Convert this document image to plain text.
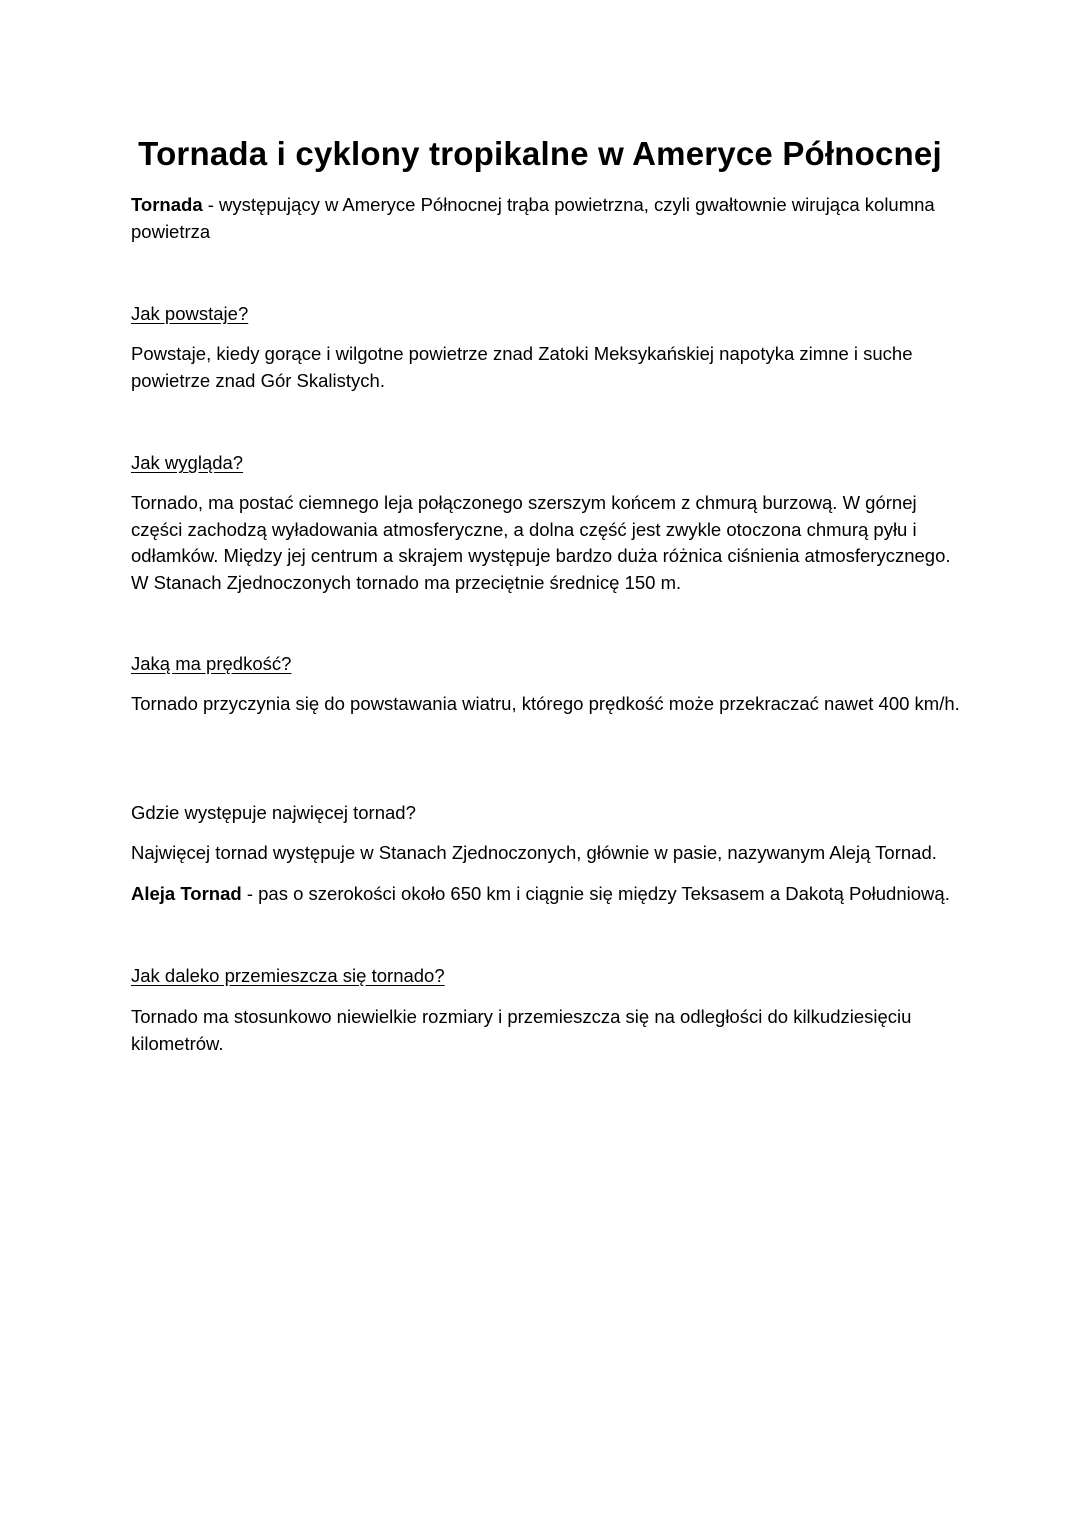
Tornada i cyklony tropikalne w Ameryce Północnej

Tornada - występujący w Ameryce Północnej trąba powietrzna, czyli gwałtownie wirująca kolumna powietrza

Jak powstaje?

Powstaje, kiedy gorące i wilgotne powietrze znad Zatoki Meksykańskiej napotyka zimne i suche powietrze znad Gór Skalistych.

Jak wygląda?

Tornado, ma postać ciemnego leja połączonego szerszym końcem z chmurą burzową. W górnej części zachodzą wyładowania atmosferyczne, a dolna część jest zwykle otoczona chmurą pyłu i odłamków. Między jej centrum a skrajem występuje bardzo duża różnica ciśnienia atmosferycznego. W Stanach Zjednoczonych tornado ma przeciętnie średnicę 150 m.

Jaką ma prędkość?

Tornado przyczynia się do powstawania wiatru, którego prędkość może przekraczać nawet 400 km/h.

Gdzie występuje najwięcej tornad?

Najwięcej tornad występuje w Stanach Zjednoczonych, głównie w pasie, nazywanym Aleją Tornad.

Aleja Tornad - pas o szerokości około 650 km i ciągnie się między Teksasem a Dakotą Południową.

Jak daleko przemieszcza się tornado?

Tornado ma stosunkowo niewielkie rozmiary i przemieszcza się na odległości do kilkudziesięciu kilometrów.
